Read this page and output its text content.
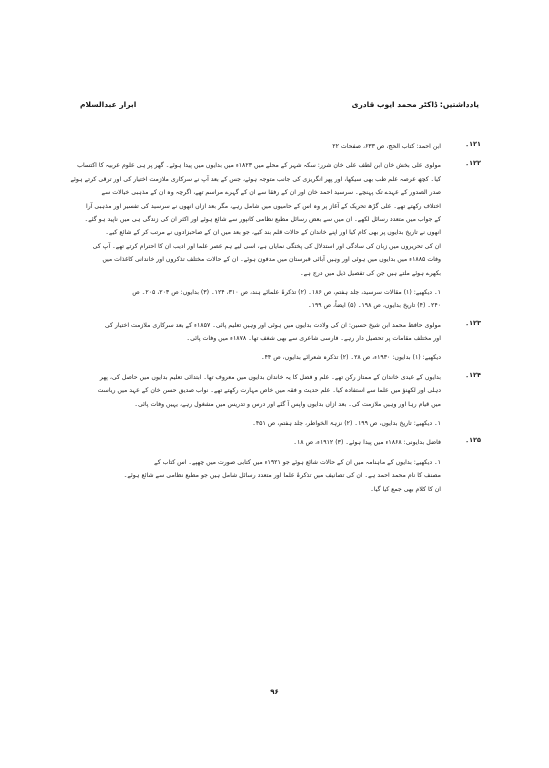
یادداشتیں: ڈاکٹر محمد ایوب قادری
ابرار عبدالسلام
۱۲۱۔
ابن احمد: کتاب الحج، ص ۶۳۳، صفحات ۲۲
۱۲۲۔
مولوی علی بخش خان ابن لطف علی خان شرر: سکہ شہر کے محلے میں ۱۸۲۳ء میں بدایوں میں پیدا ہوئے۔ گھر پر ہی علوم عربیہ کا اکتساب
کیا۔ کچھ عرصہ علم طب بھی سیکھا، اور پھر انگریزی کی جانب متوجہ ہوئے، جس کے بعد آپ نے سرکاری ملازمت اختیار کی اور ترقی کرتے ہوئے
صدر الصدور کے عہدے تک پہنچے۔ سرسید احمد خان اور ان کے رفقا سے ان کے گہرے مراسم تھے، اگرچہ وہ ان کے مذہبی خیالات سے
اختلاف رکھتے تھے۔ علی گڑھ تحریک کے آغاز پر وہ اس کے حامیوں میں شامل رہے، مگر بعد ازاں انھوں نے سرسید کی تفسیر اور مذہبی آرا
کے جواب میں متعدد رسائل لکھے۔ ان میں سے بعض رسائل مطبع نظامی کانپور سے شائع ہوئے اور اکثر ان کی زندگی ہی میں ناپید ہو گئے۔
انھوں نے تاریخ بدایوں پر بھی کام کیا اور اپنے خاندان کے حالات قلم بند کیے، جو بعد میں ان کے صاحبزادوں نے مرتب کر کے شائع کیے۔
ان کی تحریروں میں زبان کی سادگی اور استدلال کی پختگی نمایاں ہے، اسی لیے ہم عصر علما اور ادیب ان کا احترام کرتے تھے۔ آپ کی
وفات ۱۸۸۵ء میں بدایوں میں ہوئی اور وہیں آبائی قبرستان میں مدفون ہوئے۔ ان کے حالات مختلف تذکروں اور خاندانی کاغذات میں
بکھرے ہوئے ملتے ہیں جن کی تفصیل ذیل میں درج ہے۔
۱۔ دیکھیے: (۱) مقالات سرسید، جلد ہفتم، ص ۱۸۶۔ (۲) تذکرۂ علمائے ہند، ص ۳۱۰، ۱۲۴۔ (۳) بدایوں: ص ۲۰۳، ۲۰۵۔ ص
۲۴۰۔ (۴) تاریخ بدایوں، ص ۱۹۸۔ (۵) ایضاً، ص ۱۹۹۔
۱۲۳۔
مولوی حافظ محمد ابن شیخ حسین: ان کی ولادت بدایوں میں ہوئی اور وہیں تعلیم پائی۔ ۱۸۵۷ء کے بعد سرکاری ملازمت اختیار کی
اور مختلف مقامات پر تحصیل دار رہے۔ فارسی شاعری سے بھی شغف تھا۔ ۱۸۷۸ء میں وفات پائی۔
دیکھیے: (۱) بدایوں: ۱۹۳۰ء، ص ۲۸۔ (۲) تذکرہ شعرائے بدایوں، ص ۴۴۔
۱۲۴۔
بدایوں کے عیدی خاندان کے ممتاز رکن تھے۔ علم و فضل کا یہ خاندان بدایوں میں معروف تھا۔ ابتدائی تعلیم بدایوں میں حاصل کی، پھر
دہلی اور لکھنؤ میں علما سے استفادہ کیا۔ علم حدیث و فقہ میں خاص مہارت رکھتے تھے۔ نواب صدیق حسن خان کے عہد میں ریاست
میں قیام رہا اور وہیں ملازمت کی۔ بعد ازاں بدایوں واپس آ گئے اور درس و تدریس میں مشغول رہے، یہیں وفات پائی۔
۱۔ دیکھیے: تاریخ بدایوں، ص ۱۹۹۔ (۲) نزہۃ الخواطر، جلد ہفتم، ص ۴۵۱۔
۱۲۵۔
فاضل بدایونی: ۱۸۶۸ء میں پیدا ہوئے۔ (۳) ۱۹۱۲ء، ص ۱۸۔
۱۔ دیکھیے: بدایوں کے ماہنامہ میں ان کے حالات شائع ہوئے جو ۱۹۲۱ء میں کتابی صورت میں چھپے۔ اس کتاب کے
مصنف کا نام محمد احمد ہے۔ ان کی تصانیف میں تذکرۂ علما اور متعدد رسائل شامل ہیں جو مطبع نظامی سے شائع ہوئے۔
ان کا کلام بھی جمع کیا گیا۔
۹۶
